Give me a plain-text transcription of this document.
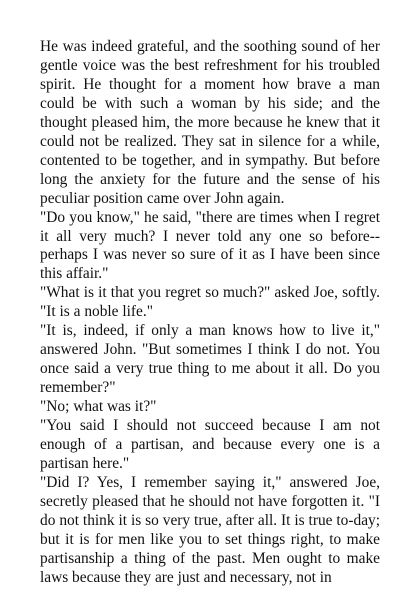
He was indeed grateful, and the soothing sound of her gentle voice was the best refreshment for his troubled spirit. He thought for a moment how brave a man could be with such a woman by his side; and the thought pleased him, the more because he knew that it could not be realized. They sat in silence for a while, contented to be together, and in sympathy. But before long the anxiety for the future and the sense of his peculiar position came over John again.

"Do you know," he said, "there are times when I regret it all very much? I never told any one so before--perhaps I was never so sure of it as I have been since this affair."

"What is it that you regret so much?" asked Joe, softly. "It is a noble life."

"It is, indeed, if only a man knows how to live it," answered John. "But sometimes I think I do not. You once said a very true thing to me about it all. Do you remember?"

"No; what was it?"

"You said I should not succeed because I am not enough of a partisan, and because every one is a partisan here."

"Did I? Yes, I remember saying it," answered Joe, secretly pleased that he should not have forgotten it. "I do not think it is so very true, after all. It is true to-day; but it is for men like you to set things right, to make partisanship a thing of the past. Men ought to make laws because they are just and necessary, not in
